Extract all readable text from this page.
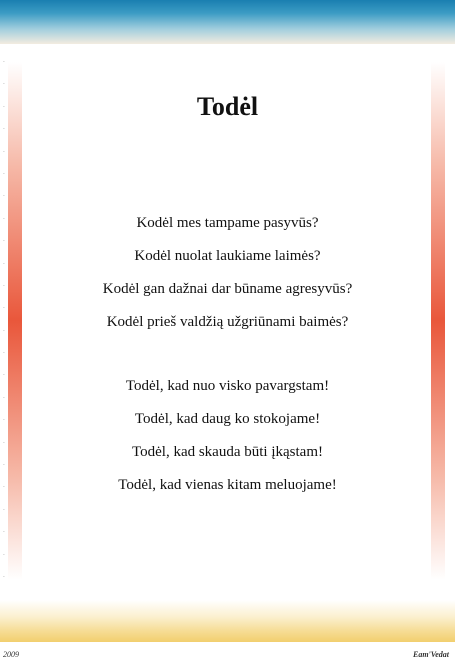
·
·
·
·
·
·
·
·
·
·
·
·
·
·
·
·
·
·
·
·
·
·
·
·
Todėl
Kodėl mes tampame pasyvūs?
Kodėl nuolat laukiame laimės?
Kodėl gan dažnai dar būname agresyvūs?
Kodėl prieš valdžią užgriūnami baimės?
Todėl, kad nuo visko pavargstam!
Todėl, kad daug ko stokojame!
Todėl, kad skauda būti įkąstam!
Todėl, kad vienas kitam meluojame!
2009	Eam'Vedat
